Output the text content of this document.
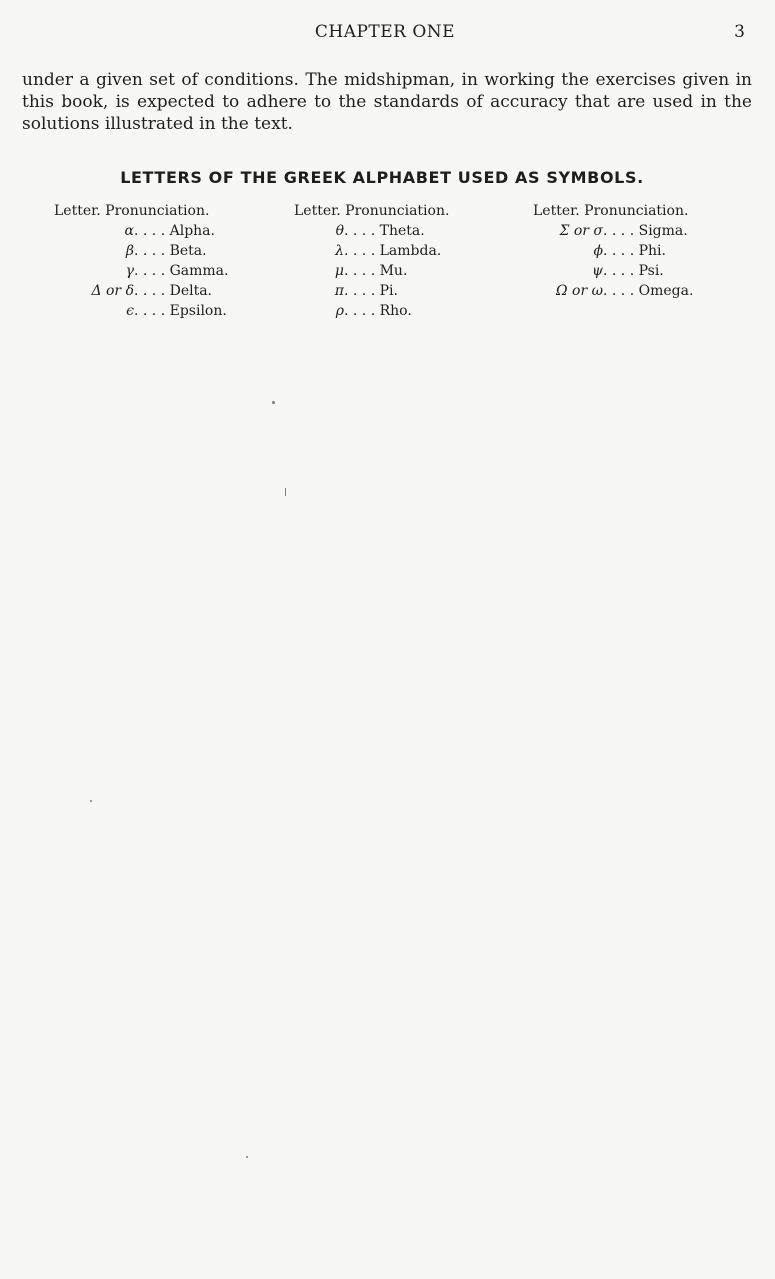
CHAPTER ONE	3

under a given set of conditions. The midshipman, in working the exercises given in this book, is expected to adhere to the standards of accuracy that are used in the solutions illustrated in the text.

LETTERS OF THE GREEK ALPHABET USED AS SYMBOLS.
Letter. Pronunciation.
α . . . . Alpha.
β . . . . Beta.
γ . . . . Gamma.
Δ or δ . . . . Delta.
ϵ . . . . Epsilon.
Letter. Pronunciation.
θ . . . . Theta.
λ . . . . Lambda.
μ . . . . Mu.
π . . . . Pi.
ρ . . . . Rho.
Letter. Pronunciation.
Σ or σ . . . . Sigma.
ϕ . . . . Phi.
ψ . . . . Psi.
Ω or ω . . . . Omega.
